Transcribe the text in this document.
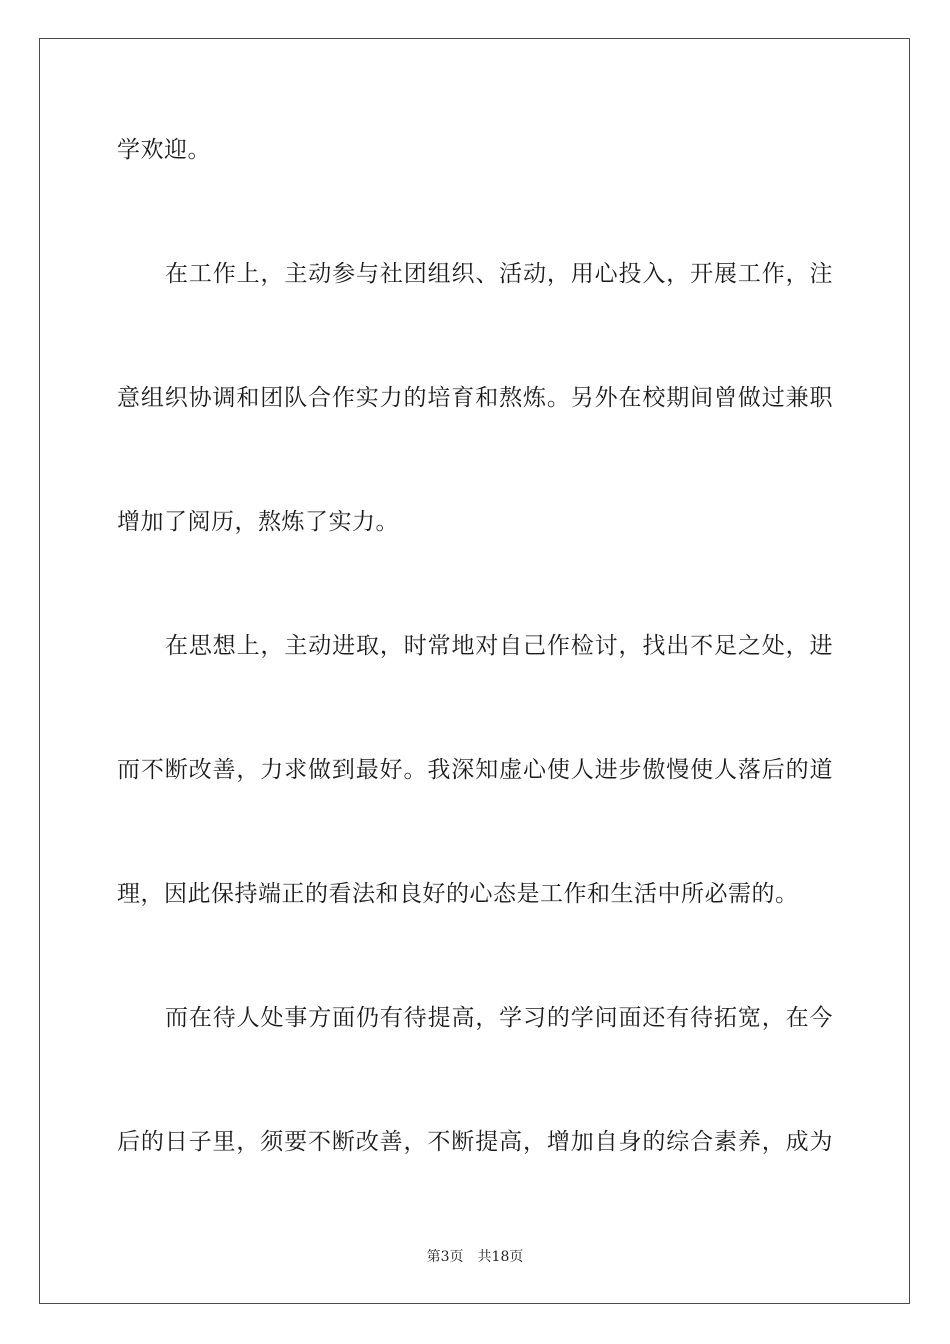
学欢迎。
在工作上，主动参与社团组织、活动，用心投入，开展工作，注
意组织协调和团队合作实力的培育和熬炼。另外在校期间曾做过兼职
增加了阅历，熬炼了实力。
在思想上，主动进取，时常地对自己作检讨，找出不足之处，进
而不断改善，力求做到最好。我深知虚心使人进步傲慢使人落后的道
理，因此保持端正的看法和良好的心态是工作和生活中所必需的。
而在待人处事方面仍有待提高，学习的学问面还有待拓宽，在今
后的日子里，须要不断改善，不断提高，增加自身的综合素养，成为
第3页 共18页
